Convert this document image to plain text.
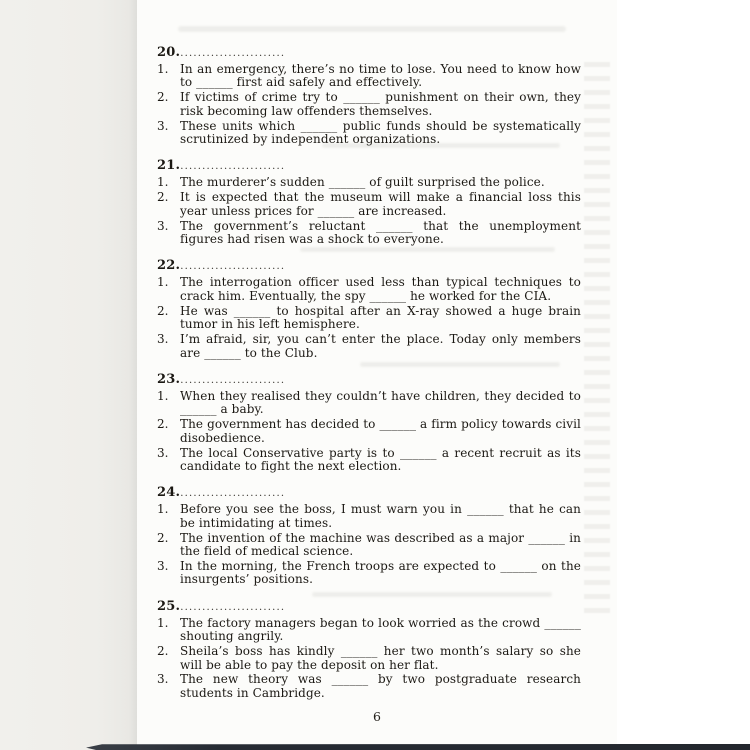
20.........................
1. In an emergency, there’s no time to lose. You need to know how to ______ first aid safely and effectively.
2. If victims of crime try to ______ punishment on their own, they risk becoming law offenders themselves.
3. These units which ______ public funds should be systematically scrutinized by independent organizations.
21.........................
1. The murderer’s sudden ______ of guilt surprised the police.
2. It is expected that the museum will make a financial loss this year unless prices for ______ are increased.
3. The government’s reluctant ______ that the unemployment figures had risen was a shock to everyone.
22.........................
1. The interrogation officer used less than typical techniques to crack him. Eventually, the spy ______ he worked for the CIA.
2. He was ______ to hospital after an X-ray showed a huge brain tumor in his left hemisphere.
3. I’m afraid, sir, you can’t enter the place. Today only members are ______ to the Club.
23.........................
1. When they realised they couldn’t have children, they decided to ______ a baby.
2. The government has decided to ______ a firm policy towards civil disobedience.
3. The local Conservative party is to ______ a recent recruit as its candidate to fight the next election.
24.........................
1. Before you see the boss, I must warn you in ______ that he can be intimidating at times.
2. The invention of the machine was described as a major ______ in the field of medical science.
3. In the morning, the French troops are expected to ______ on the insurgents’ positions.
25.........................
1. The factory managers began to look worried as the crowd ______ shouting angrily.
2. Sheila’s boss has kindly ______ her two month’s salary so she will be able to pay the deposit on her flat.
3. The new theory was ______ by two postgraduate research students in Cambridge.
6
